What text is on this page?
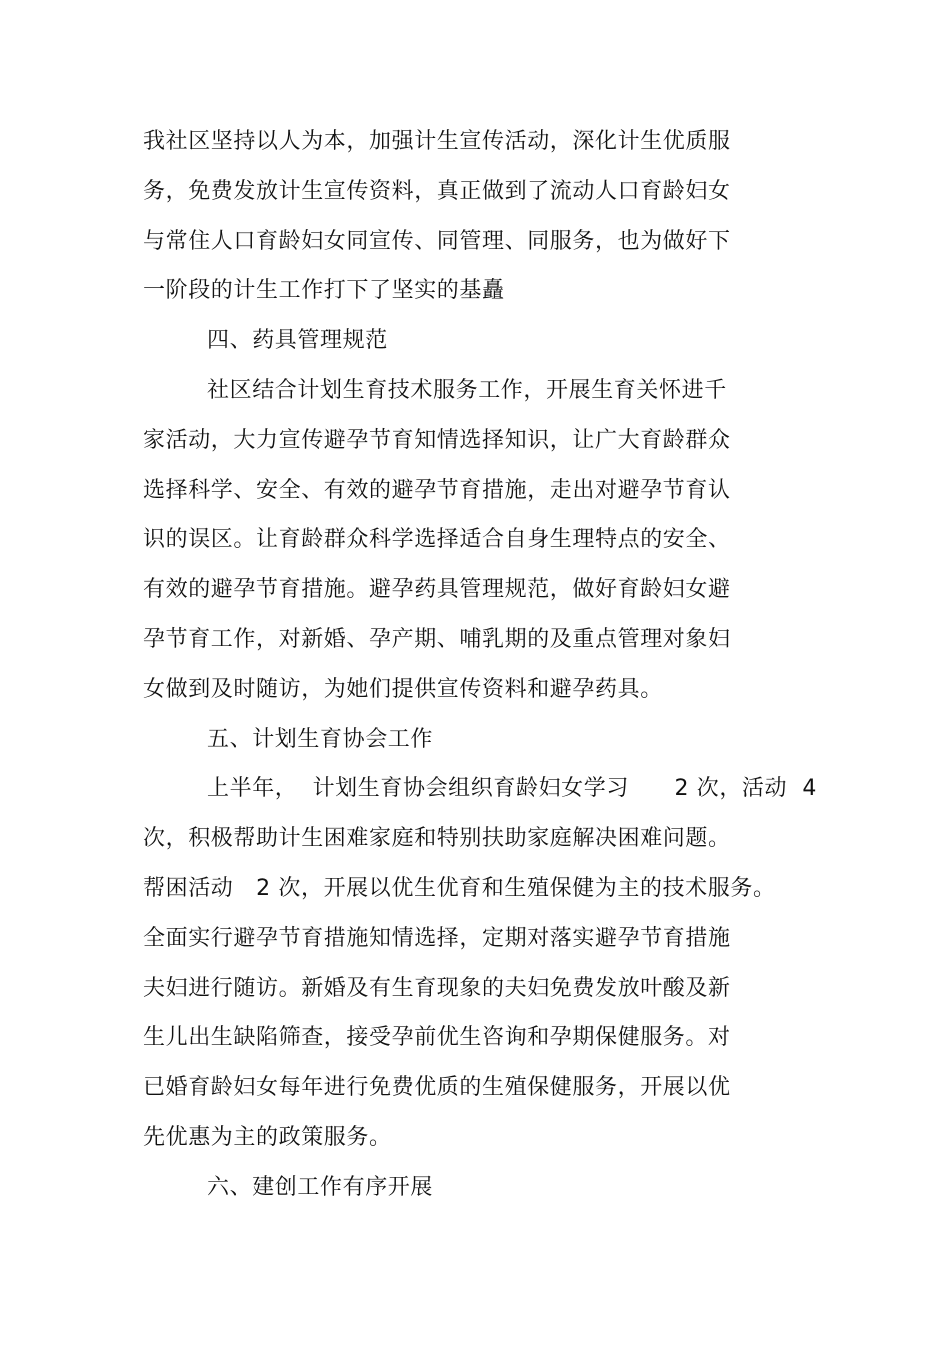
我社区坚持以人为本，加强计生宣传活动，深化计生优质服
务，免费发放计生宣传资料，真正做到了流动人口育龄妇女
与常住人口育龄妇女同宣传、同管理、同服务，也为做好下
一阶段的计生工作打下了坚实的基矗
四、药具管理规范
社区结合计划生育技术服务工作，开展生育关怀进千
家活动，大力宣传避孕节育知情选择知识，让广大育龄群众
选择科学、安全、有效的避孕节育措施，走出对避孕节育认
识的误区。让育龄群众科学选择适合自身生理特点的安全、
有效的避孕节育措施。避孕药具管理规范，做好育龄妇女避
孕节育工作，对新婚、孕产期、哺乳期的及重点管理对象妇
女做到及时随访，为她们提供宣传资料和避孕药具。
五、计划生育协会工作
上半年，  计划生育协会组织育龄妇女学习      2 次，活动  4
次，积极帮助计生困难家庭和特别扶助家庭解决困难问题。
帮困活动   2 次，开展以优生优育和生殖保健为主的技术服务。
全面实行避孕节育措施知情选择，定期对落实避孕节育措施
夫妇进行随访。新婚及有生育现象的夫妇免费发放叶酸及新
生儿出生缺陷筛查，接受孕前优生咨询和孕期保健服务。对
已婚育龄妇女每年进行免费优质的生殖保健服务，开展以优
先优惠为主的政策服务。
六、建创工作有序开展
